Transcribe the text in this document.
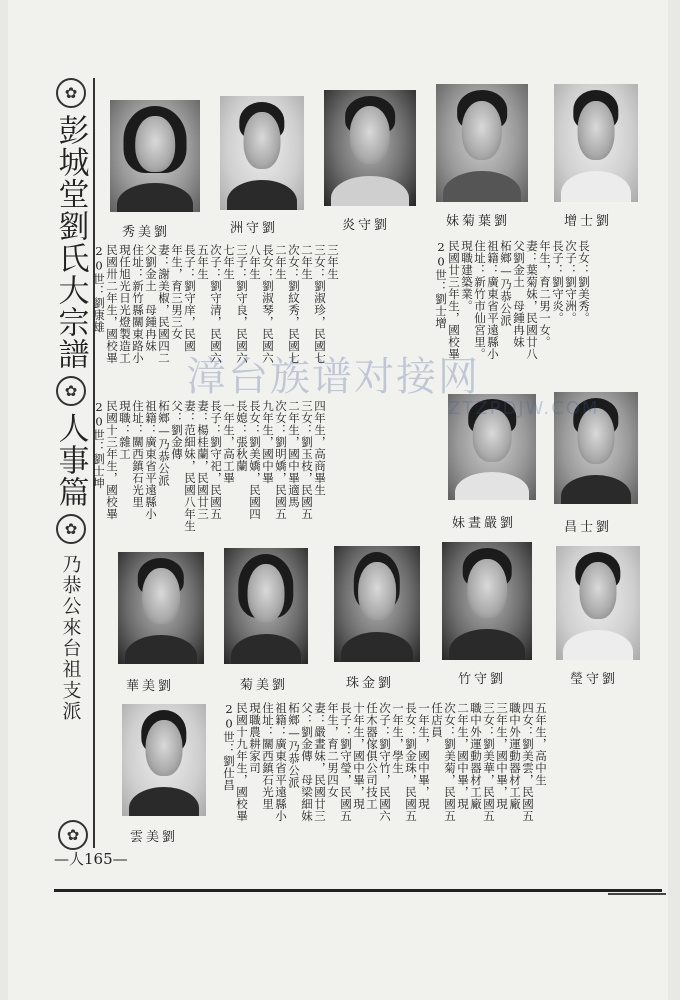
✿
彭城堂劉氏大宗譜
✿
人事篇
✿
乃恭公來台祖支派
✿
秀美劉	洲守劉	炎守劉	妹菊葉劉	增士劉
長女：劉美秀。
次子：劉守洲。
長子：劉守炎。
年生，育二男一女。
妻：葉菊妹，民國廿八
父劉金土　母鍾冉妹
柘鄉—乃恭公派
祖籍：廣東省平遠縣小
住址：新竹市仙宮里。
現職建築業。
民國廿三年生，國校畢
20世：劉士增
三年生
三女：劉淑珍，民國七
二年生
次女：劉紋秀，民國七
二年生
長女：劉淑琴，民國六
八年生
三子：劉守良，民國六
七年生
次子：劉守清，民國六
五年生
長子：劉守庠，民國
年生，育三男三女
妻：謝美椒，民國四二
父劉金土　母鍾冉妹
住址：新竹縣關東路小
現任旭光日光燈製造工
民國卅二年生，國校畢
20世：劉康雄
四年生，高商畢生
三女：劉玉枝，民國五
二年生，國中畢適馬
次女：劉明嬌，民國五
九年生，國中畢
長女：劉美嬌，民國四
長媳：張秋蘭
一年生，高工畢
長子：劉守祀，民國五
妻：楊桂蘭，民國廿三
妻：范細妹，民國八年生
父：劉金傳
柘鄉—乃恭公派
祖籍：廣東省平遠縣小
住址：關西鎮石光里
現職：雜工
民國十三年生，國校畢
20世：劉士坤
妹晝嚴劉	昌士劉
華美劉	菊美劉	珠金劉	竹守劉	瑩守劉
雲美劉
五年生，高中生
四女：劉美雲，民國五
職中外運動器材工廠
三年生，國中畢，現
三女：劉美華，民國五
職中外運動器材工廠
二年生，國中畢，現
次女：劉美菊，民國五
任店員
一年生，國中畢，現
長女：劉金珠，民國五
一年生，學生
次子：劉守竹，民國六
任木器傢俱公司技工
十年生，國中畢，現
長子：劉守瑩，民國五
年生，育二男四女
妻：嚴晝妹，民國廿三
父：劉金傳　母梁細妹
柘鄉—乃恭公派
祖籍：廣東省平遠縣小
住址：關西鎮石光里
現職農耕家司
民國十九年生，國校畢
20世：劉仕昌
漳台族谱对接网
ZTZPDJW.COM
—人165—
